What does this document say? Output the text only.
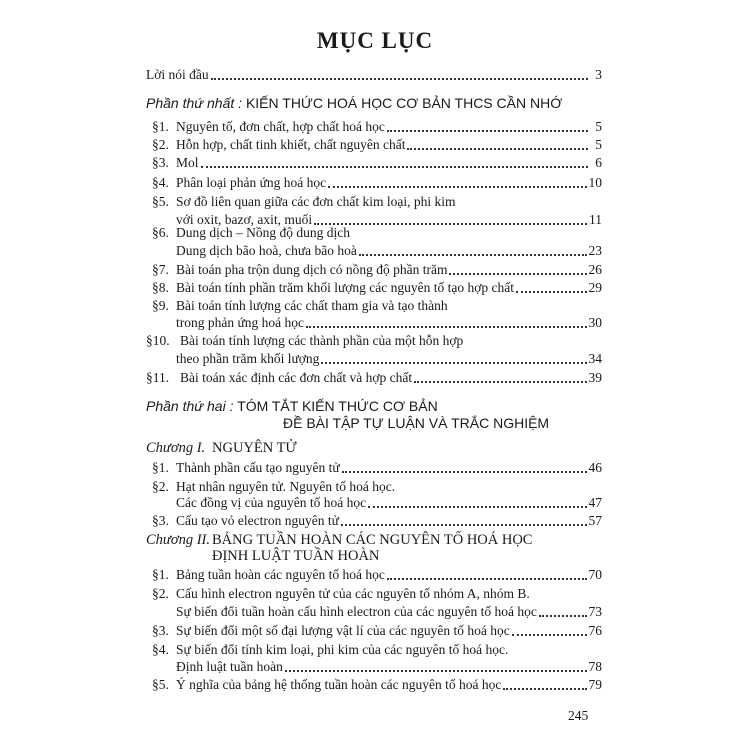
MỤC LỤC
Lời nói đầu	3
Phần thứ nhất : KIẾN THỨC HOÁ HỌC CƠ BẢN THCS CẦN NHỚ
§1. Nguyên tố, đơn chất, hợp chất hoá học	5
§2. Hỗn hợp, chất tinh khiết, chất nguyên chất	5
§3. Mol	6
§4. Phân loại phản ứng hoá học	10
§5. Sơ đồ liên quan giữa các đơn chất kim loại, phi kim
với oxit, bazơ, axit, muối	11
§6. Dung dịch – Nồng độ dung dịch
Dung dịch bão hoà, chưa bão hoà	23
§7. Bài toán pha trộn dung dịch có nồng độ phần trăm	26
§8. Bài toán tính phần trăm khối lượng các nguyên tố tạo hợp chất	29
§9. Bài toán tính lượng các chất tham gia và tạo thành
trong phản ứng hoá học	30
§10. Bài toán tính lượng các thành phần của một hỗn hợp
theo phần trăm khối lượng	34
§11. Bài toán xác định các đơn chất và hợp chất	39
Phần thứ hai : TÓM TẮT KIẾN THỨC CƠ BẢN
ĐỀ BÀI TẬP TỰ LUẬN VÀ TRẮC NGHIỆM
Chương I. NGUYÊN TỬ
§1. Thành phần cấu tạo nguyên tử	46
§2. Hạt nhân nguyên tử. Nguyên tố hoá học.
Các đồng vị của nguyên tố hoá học	47
§3. Cấu tạo vỏ electron nguyên tử	57
Chương II. BẢNG TUẦN HOÀN CÁC NGUYÊN TỐ HOÁ HỌC
ĐỊNH LUẬT TUẦN HOÀN
§1. Bảng tuần hoàn các nguyên tố hoá học	70
§2. Cấu hình electron nguyên tử của các nguyên tố nhóm A, nhóm B.
Sự biến đổi tuần hoàn cấu hình electron của các nguyên tố hoá học	73
§3. Sự biến đổi một số đại lượng vật lí của các nguyên tố hoá học	76
§4. Sự biến đổi tính kim loại, phi kim của các nguyên tố hoá học.
Định luật tuần hoàn	78
§5. Ý nghĩa của bảng hệ thống tuần hoàn các nguyên tố hoá học	79
245
